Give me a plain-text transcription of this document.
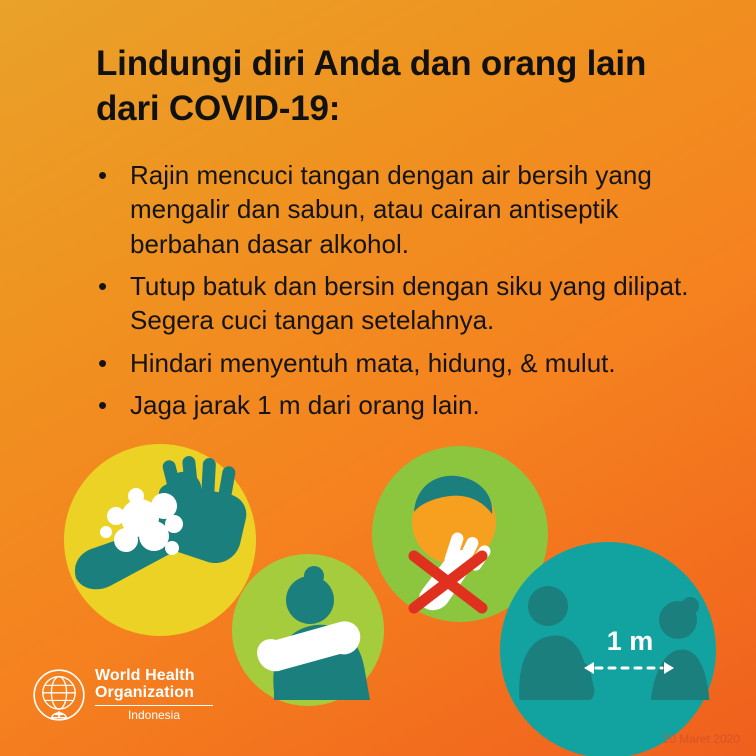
Lindungi diri Anda dan orang lain dari COVID-19:
• Rajin mencuci tangan dengan air bersih yang mengalir dan sabun, atau cairan antiseptik berbahan dasar alkohol.
• Tutup batuk dan bersin dengan siku yang dilipat. Segera cuci tangan setelahnya.
• Hindari menyentuh mata, hidung, & mulut.
• Jaga jarak 1 m dari orang lain.
1 m
World Health
Organization
Indonesia
10 Maret 2020
